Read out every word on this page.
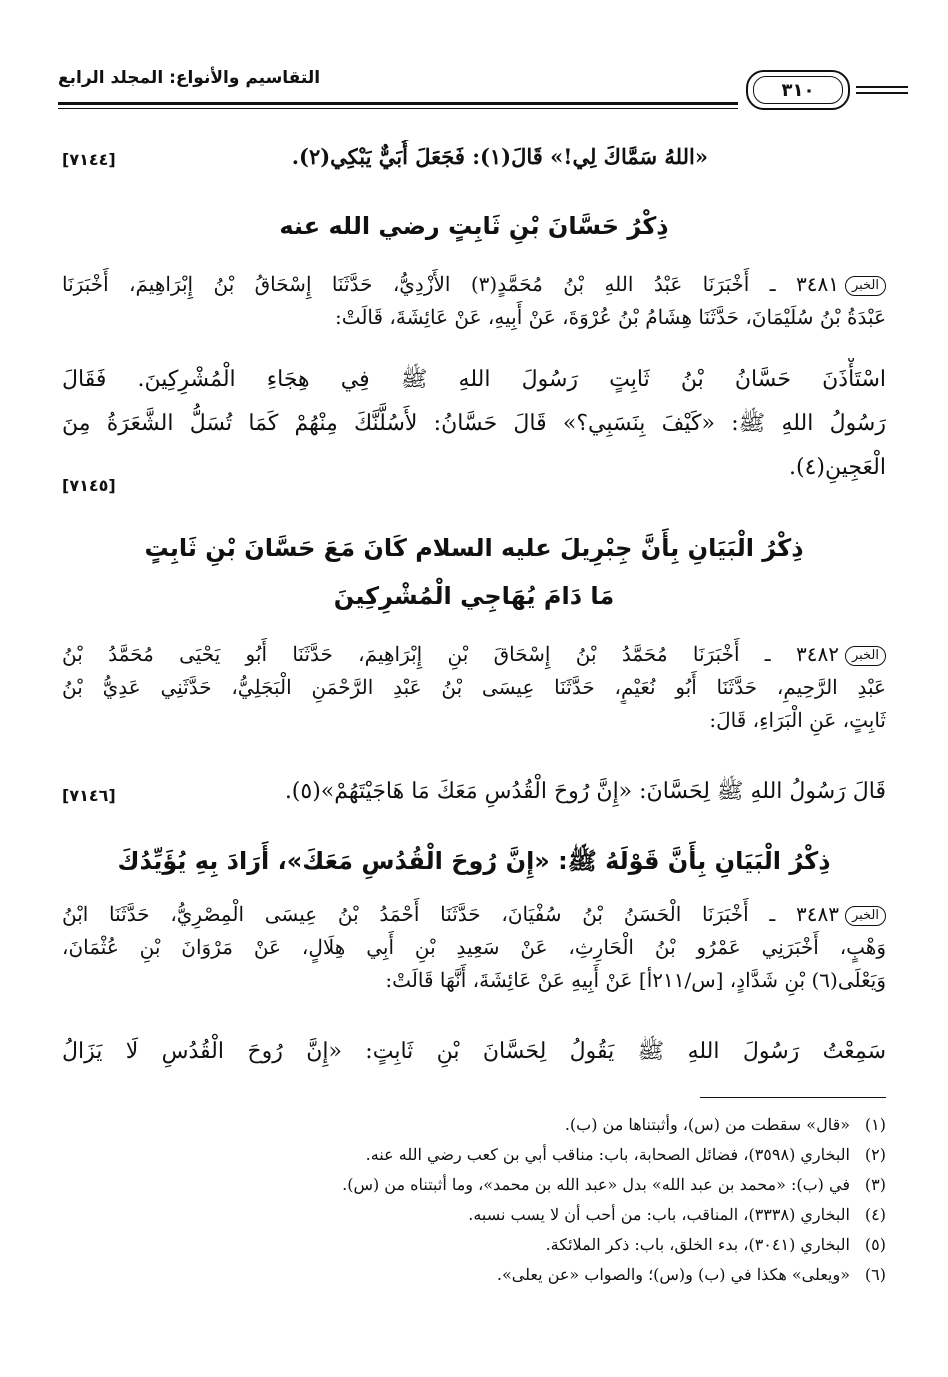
التقاسيم والأنواع: المجلد الرابع
٣١٠
«اللهُ سَمَّاكَ لِي!» قَالَ(١): فَجَعَلَ أُبَيٌّ يَبْكِي(٢).
[٧١٤٤]
ذِكْرُ حَسَّانَ بْنِ ثَابِتٍ رضي الله عنه
الخبر٣٤٨١ ـ أَخْبَرَنَا عَبْدُ اللهِ بْنُ مُحَمَّدٍ(٣) الأَزْدِيُّ، حَدَّثَنَا إِسْحَاقُ بْنُ إِبْرَاهِيمَ، أَخْبَرَنَا
عَبْدَةُ بْنُ سُلَيْمَانَ، حَدَّثَنَا هِشَامُ بْنُ عُرْوَةَ، عَنْ أَبِيهِ، عَنْ عَائِشَةَ، قَالَتْ:
اسْتَأْذَنَ حَسَّانُ بْنُ ثَابِتٍ رَسُولَ اللهِ ﷺ فِي هِجَاءِ الْمُشْرِكِينَ. فَقَالَ
رَسُولُ اللهِ ﷺ: «كَيْفَ بِنَسَبِي؟» قَالَ حَسَّانُ: لأَسُلَّنَّكَ مِنْهُمْ كَمَا تُسَلُّ الشَّعَرَةُ مِنَ
الْعَجِينِ(٤).
[٧١٤٥]
ذِكْرُ الْبَيَانِ بِأَنَّ جِبْرِيلَ عليه السلام كَانَ مَعَ حَسَّانَ بْنِ ثَابِتٍ
مَا دَامَ يُهَاجِي الْمُشْرِكِينَ
الخبر٣٤٨٢ ـ أَخْبَرَنَا مُحَمَّدُ بْنُ إِسْحَاقَ بْنِ إِبْرَاهِيمَ، حَدَّثَنَا أَبُو يَحْيَى مُحَمَّدُ بْنُ
عَبْدِ الرَّحِيمِ، حَدَّثَنَا أَبُو نُعَيْمٍ، حَدَّثَنَا عِيسَى بْنُ عَبْدِ الرَّحْمَنِ الْبَجَلِيُّ، حَدَّثَنِي عَدِيُّ بْنُ
ثَابِتٍ، عَنِ الْبَرَاءِ، قَالَ:
قَالَ رَسُولُ اللهِ ﷺ لِحَسَّانَ: «إِنَّ رُوحَ الْقُدُسِ مَعَكَ مَا هَاجَيْتَهُمْ»(٥).
[٧١٤٦]
ذِكْرُ الْبَيَانِ بِأَنَّ قَوْلَهُ ﷺ: «إِنَّ رُوحَ الْقُدُسِ مَعَكَ»، أَرَادَ بِهِ يُؤَيِّدُكَ
الخبر٣٤٨٣ ـ أَخْبَرَنَا الْحَسَنُ بْنُ سُفْيَانَ، حَدَّثَنَا أَحْمَدُ بْنُ عِيسَى الْمِصْرِيُّ، حَدَّثَنَا ابْنُ
وَهْبٍ، أَخْبَرَنِي عَمْرُو بْنُ الْحَارِثِ، عَنْ سَعِيدِ بْنِ أَبِي هِلَالٍ، عَنْ مَرْوَانَ بْنِ عُثْمَانَ،
وَيَعْلَى(٦) بْنِ شَدَّادٍ، [س/٢١١أ] عَنْ أَبِيهِ عَنْ عَائِشَةَ، أَنَّهَا قَالَتْ:
سَمِعْتُ رَسُولَ اللهِ ﷺ يَقُولُ لِحَسَّانَ بْنِ ثَابِتٍ: «إِنَّ رُوحَ الْقُدُسِ لَا يَزَالُ
(١)«قال» سقطت من (س)، وأثبتناها من (ب).
(٢)البخاري (٣٥٩٨)، فضائل الصحابة، باب: مناقب أبي بن كعب رضي الله عنه.
(٣)في (ب): «محمد بن عبد الله» بدل «عبد الله بن محمد»، وما أثبتناه من (س).
(٤)البخاري (٣٣٣٨)، المناقب، باب: من أحب أن لا يسب نسبه.
(٥)البخاري (٣٠٤١)، بدء الخلق، باب: ذكر الملائكة.
(٦)«ويعلى» هكذا في (ب) و(س)؛ والصواب «عن يعلى».
